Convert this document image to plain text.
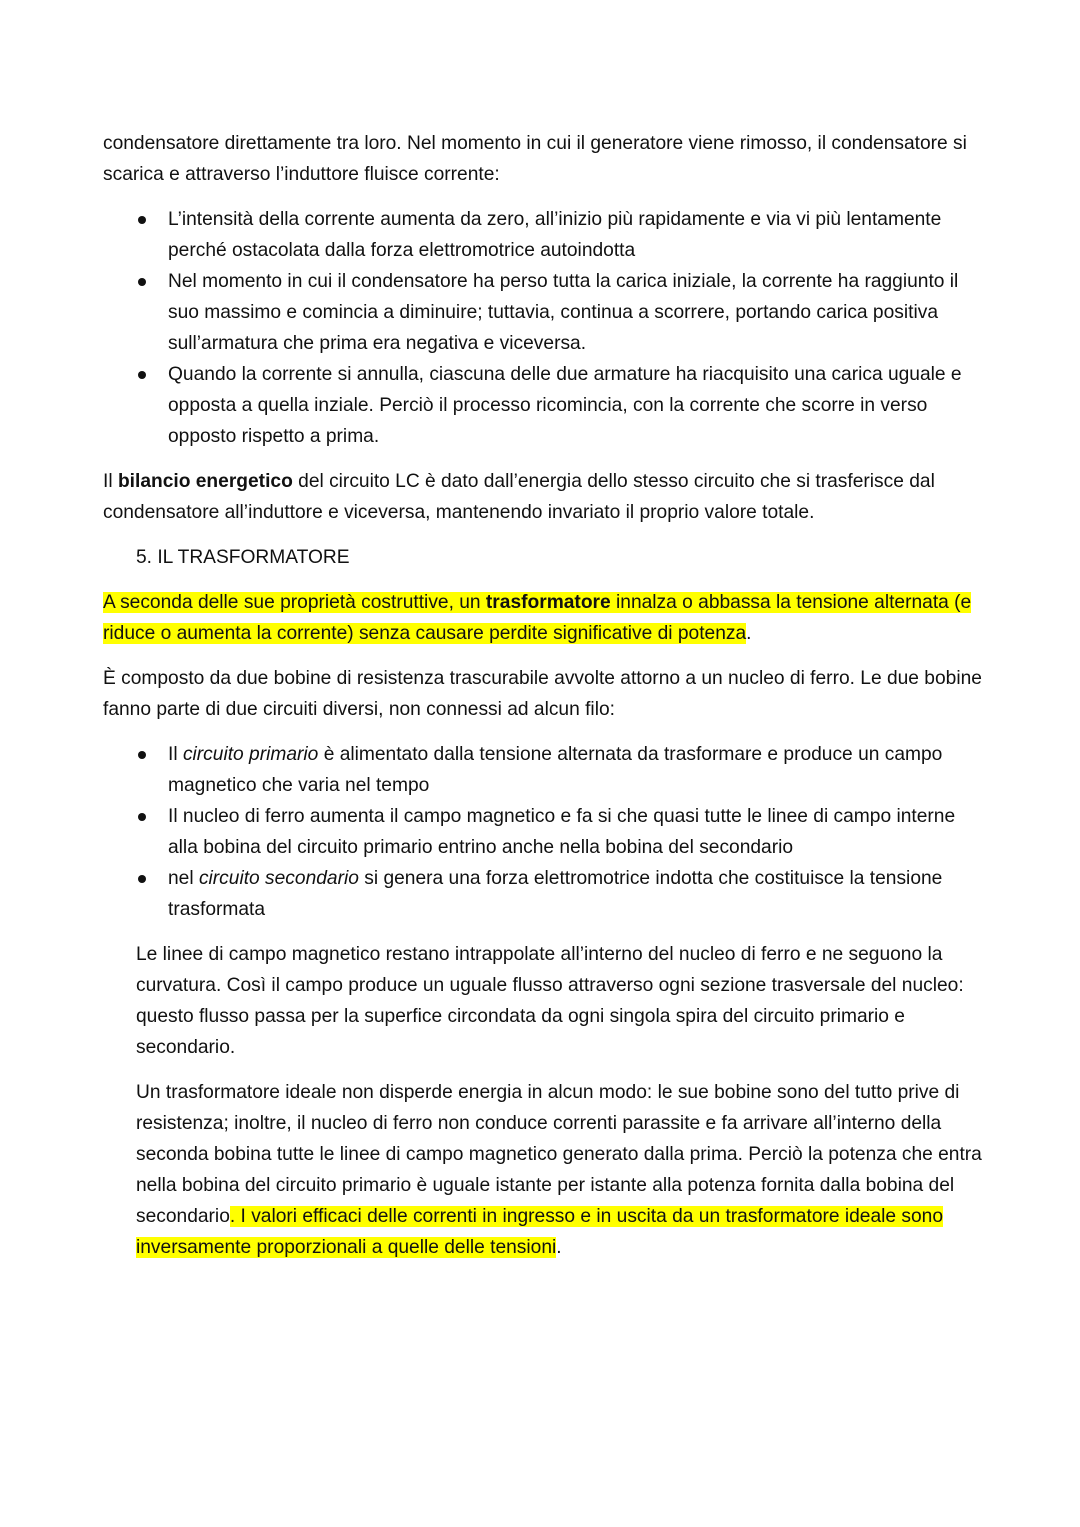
condensatore direttamente tra loro. Nel momento in cui il generatore viene rimosso, il condensatore si scarica e attraverso l’induttore fluisce corrente:

L’intensità della corrente aumenta da zero, all’inizio più rapidamente e via vi più lentamente perché ostacolata dalla forza elettromotrice autoindotta
Nel momento in cui il condensatore ha perso tutta la carica iniziale, la corrente ha raggiunto il suo massimo e comincia a diminuire; tuttavia, continua a scorrere, portando carica positiva sull’armatura che prima era negativa e viceversa.
Quando la corrente si annulla, ciascuna delle due armature ha riacquisito una carica uguale e opposta a quella inziale. Perciò il processo ricomincia, con la corrente che scorre in verso opposto rispetto a prima.

Il bilancio energetico del circuito LC è dato dall’energia dello stesso circuito che si trasferisce dal condensatore all’induttore e viceversa, mantenendo invariato il proprio valore totale.

5. IL TRASFORMATORE

A seconda delle sue proprietà costruttive, un trasformatore innalza o abbassa la tensione alternata (e riduce o aumenta la corrente) senza causare perdite significative di potenza.

È composto da due bobine di resistenza trascurabile avvolte attorno a un nucleo di ferro. Le due bobine fanno parte di due circuiti diversi, non connessi ad alcun filo:

Il circuito primario è alimentato dalla tensione alternata da trasformare e produce un campo magnetico che varia nel tempo
Il nucleo di ferro aumenta il campo magnetico e fa si che quasi tutte le linee di campo interne alla bobina del circuito primario entrino anche nella bobina del secondario
nel circuito secondario si genera una forza elettromotrice indotta che costituisce la tensione trasformata

Le linee di campo magnetico restano intrappolate all’interno del nucleo di ferro e ne seguono la curvatura. Così il campo produce un uguale flusso attraverso ogni sezione trasversale del nucleo: questo flusso passa per la superfice circondata da ogni singola spira del circuito primario e secondario.

Un trasformatore ideale non disperde energia in alcun modo: le sue bobine sono del tutto prive di resistenza; inoltre, il nucleo di ferro non conduce correnti parassite e fa arrivare all’interno della seconda bobina tutte le linee di campo magnetico generato dalla prima. Perciò la potenza che entra nella bobina del circuito primario è uguale istante per istante alla potenza fornita dalla bobina del secondario. I valori efficaci delle correnti in ingresso e in uscita da un trasformatore ideale sono inversamente proporzionali a quelle delle tensioni.
